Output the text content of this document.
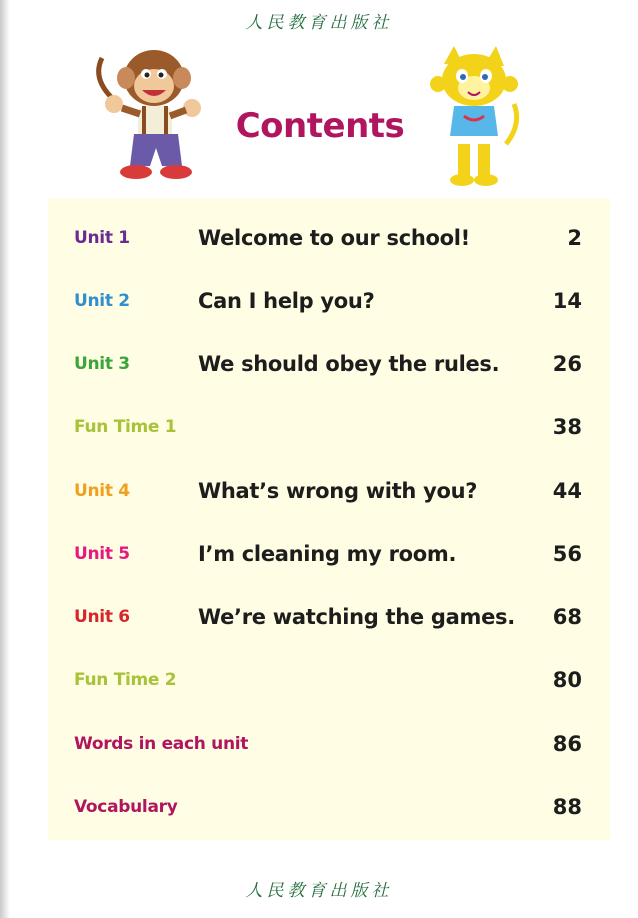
人民教育出版社
Contents
Unit 1	Welcome to our school!	2
Unit 2	Can I help you?	14
Unit 3	We should obey the rules.	26
Fun Time 1	38
Unit 4	What’s wrong with you?	44
Unit 5	I’m cleaning my room.	56
Unit 6	We’re watching the games. 68
Fun Time 2	80
Words in each unit	86
Vocabulary	88
人民教育出版社
